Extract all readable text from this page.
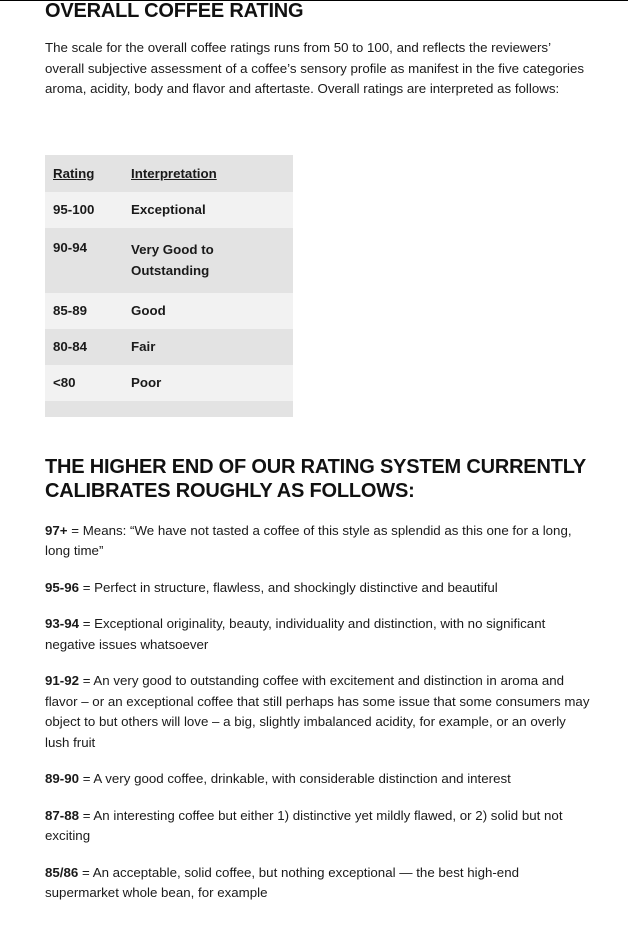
OVERALL COFFEE RATING

The scale for the overall coffee ratings runs from 50 to 100, and reflects the reviewers’ overall subjective assessment of a coffee’s sensory profile as manifest in the five categories aroma, acidity, body and flavor and aftertaste. Overall ratings are interpreted as follows:

Rating	Interpretation
95-100	Exceptional
90-94	Very Good to Outstanding
85-89	Good
80-84	Fair
<80	Poor

THE HIGHER END OF OUR RATING SYSTEM CURRENTLY CALIBRATES ROUGHLY AS FOLLOWS:

97+ = Means: “We have not tasted a coffee of this style as splendid as this one for a long, long time”

95-96 = Perfect in structure, flawless, and shockingly distinctive and beautiful

93-94 = Exceptional originality, beauty, individuality and distinction, with no significant negative issues whatsoever

91-92 = An very good to outstanding coffee with excitement and distinction in aroma and flavor – or an exceptional coffee that still perhaps has some issue that some consumers may object to but others will love – a big, slightly imbalanced acidity, for example, or an overly lush fruit

89-90 = A very good coffee, drinkable, with considerable distinction and interest

87-88 = An interesting coffee but either 1) distinctive yet mildly flawed, or 2) solid but not exciting

85/86 = An acceptable, solid coffee, but nothing exceptional — the best high-end supermarket whole bean, for example
